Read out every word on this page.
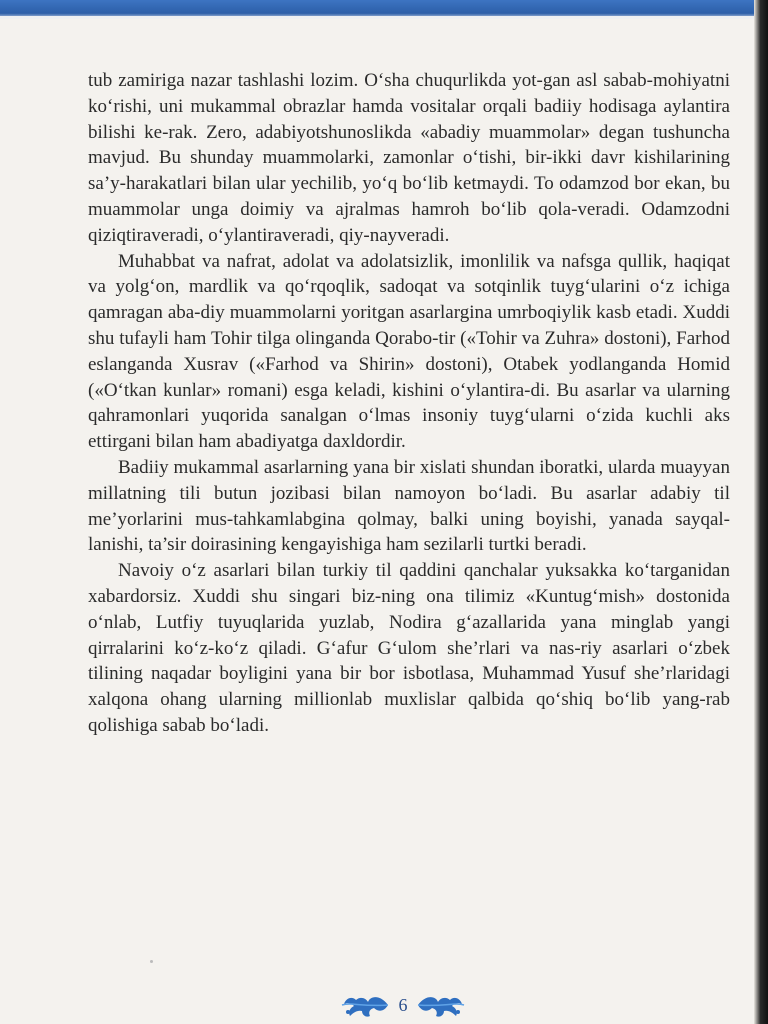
tub zamiriga nazar tashlashi lozim. O‘sha chuqurlikda yot-gan asl sabab-mohiyatni ko‘rishi, uni mukammal obrazlar hamda vositalar orqali badiiy hodisaga aylantira bilishi ke-rak. Zero, adabiyotshunoslikda «abadiy muammolar» degan tushuncha mavjud. Bu shunday muammolarki, zamonlar o‘tishi, bir-ikki davr kishilarining sa’y-harakatlari bilan ular yechilib, yo‘q bo‘lib ketmaydi. To odamzod bor ekan, bu muammolar unga doimiy va ajralmas hamroh bo‘lib qola-veradi. Odamzodni qiziqtiraveradi, o‘ylantiraveradi, qiy-nayveradi.

Muhabbat va nafrat, adolat va adolatsizlik, imonlilik va nafsga qullik, haqiqat va yolg‘on, mardlik va qo‘rqoqlik, sadoqat va sotqinlik tuyg‘ularini o‘z ichiga qamragan aba-diy muammolarni yoritgan asarlargina umrboqiylik kasb etadi. Xuddi shu tufayli ham Tohir tilga olinganda Qorabo-tir («Tohir va Zuhra» dostoni), Farhod eslanganda Xusrav («Farhod va Shirin» dostoni), Otabek yodlanganda Homid («O‘tkan kunlar» romani) esga keladi, kishini o‘ylantira-di. Bu asarlar va ularning qahramonlari yuqorida sanalgan o‘lmas insoniy tuyg‘ularni o‘zida kuchli aks ettirgani bilan ham abadiyatga daxldordir.

Badiiy mukammal asarlarning yana bir xislati shundan iboratki, ularda muayyan millatning tili butun jozibasi bilan namoyon bo‘ladi. Bu asarlar adabiy til me’yorlarini mus-tahkamlabgina qolmay, balki uning boyishi, yanada sayqal-lanishi, ta’sir doirasining kengayishiga ham sezilarli turtki beradi.

Navoiy o‘z asarlari bilan turkiy til qaddini qanchalar yuksakka ko‘targanidan xabardorsiz. Xuddi shu singari biz-ning ona tilimiz «Kuntug‘mish» dostonida o‘nlab, Lutfiy tuyuqlarida yuzlab, Nodira g‘azallarida yana minglab yangi qirralarini ko‘z-ko‘z qiladi. G‘afur G‘ulom she’rlari va nas-riy asarlari o‘zbek tilining naqadar boyligini yana bir bor isbotlasa, Muhammad Yusuf she’rlaridagi xalqona ohang ularning millionlab muxlislar qalbida qo‘shiq bo‘lib yang-rab qolishiga sabab bo‘ladi.

6
